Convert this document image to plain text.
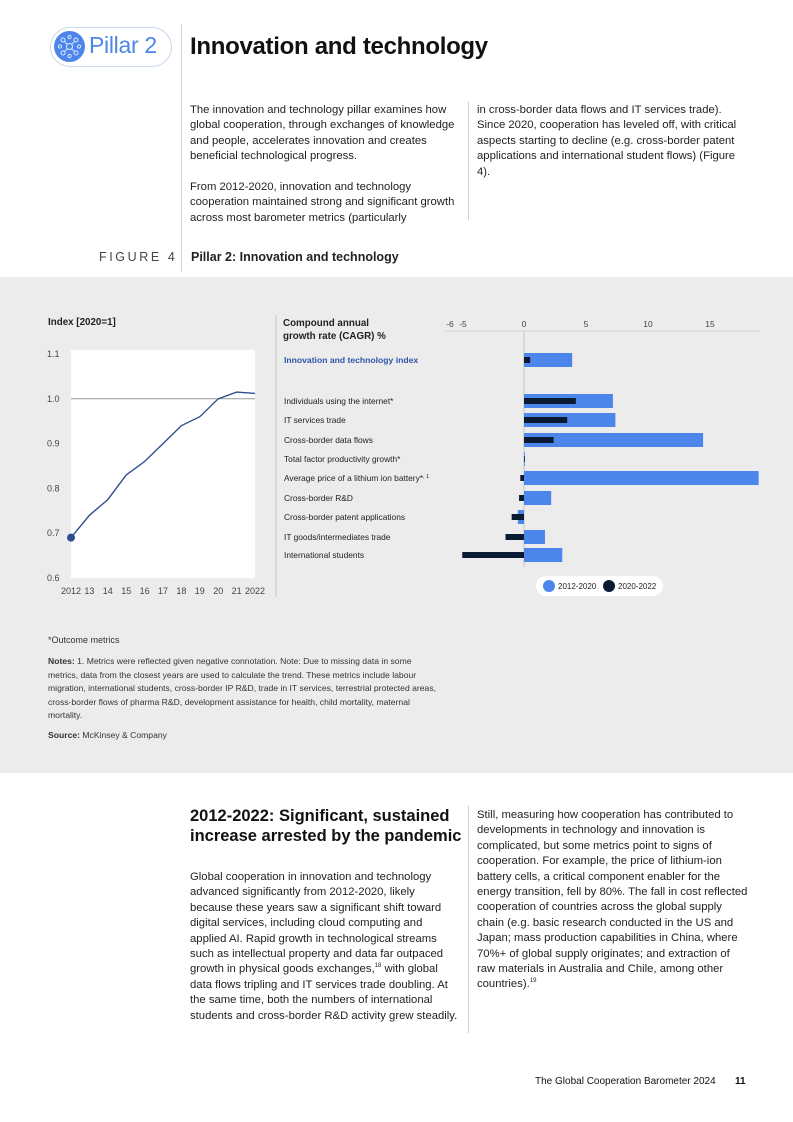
Pillar 2 Innovation and technology
The innovation and technology pillar examines how global cooperation, through exchanges of knowledge and people, accelerates innovation and creates beneficial technological progress.
From 2012-2020, innovation and technology cooperation maintained strong and significant growth across most barometer metrics (particularly
in cross-border data flows and IT services trade). Since 2020, cooperation has leveled off, with critical aspects starting to decline (e.g. cross-border patent applications and international student flows) (Figure 4).
FIGURE 4 Pillar 2: Innovation and technology
Index [2020=1]
1.1
1.0
0.9
0.8
0.7
0.6
2012 13 14 15 16 17 18 19 20 21 2022
Compound annual growth rate (CAGR) %
-6 -5	0	5	10	15
Innovation and technology index
Individuals using the internet*
IT services trade
Cross-border data flows
Total factor productivity growth*
Average price of a lithium ion battery*$^{, 1}$
Cross-border R&D
Cross-border patent applications
IT goods/intermediates trade
International students
2012-2020	2020-2022
*Outcome metrics
Notes: 1. Metrics were reflected given negative connotation. Note: Due to missing data in some metrics, data from the closest years are used to calculate the trend. These metrics include labour migration, international students, cross-border IP R&D, trade in IT services, terrestrial protected areas, cross-border flows of pharma R&D, development assistance for health, child mortality, maternal mortality.
Source: McKinsey & Company
2012-2022: Significant, sustained increase arrested by the pandemic
Global cooperation in innovation and technology advanced significantly from 2012-2020, likely because these years saw a significant shift toward digital services, including cloud computing and applied AI. Rapid growth in technological streams such as intellectual property and data far outpaced growth in physical goods exchanges,$^{18}$ with global data flows tripling and IT services trade doubling. At the same time, both the numbers of international students and cross-border R&D activity grew steadily.
Still, measuring how cooperation has contributed to developments in technology and innovation is complicated, but some metrics point to signs of cooperation. For example, the price of lithium-ion battery cells, a critical component enabler for the energy transition, fell by 80%. The fall in cost reflected cooperation of countries across the global supply chain (e.g. basic research conducted in the US and Japan; mass production capabilities in China, where 70%+ of global supply originates; and extraction of raw materials in Australia and Chile, among other countries).$^{19}$
The Global Cooperation Barometer 2024 11
